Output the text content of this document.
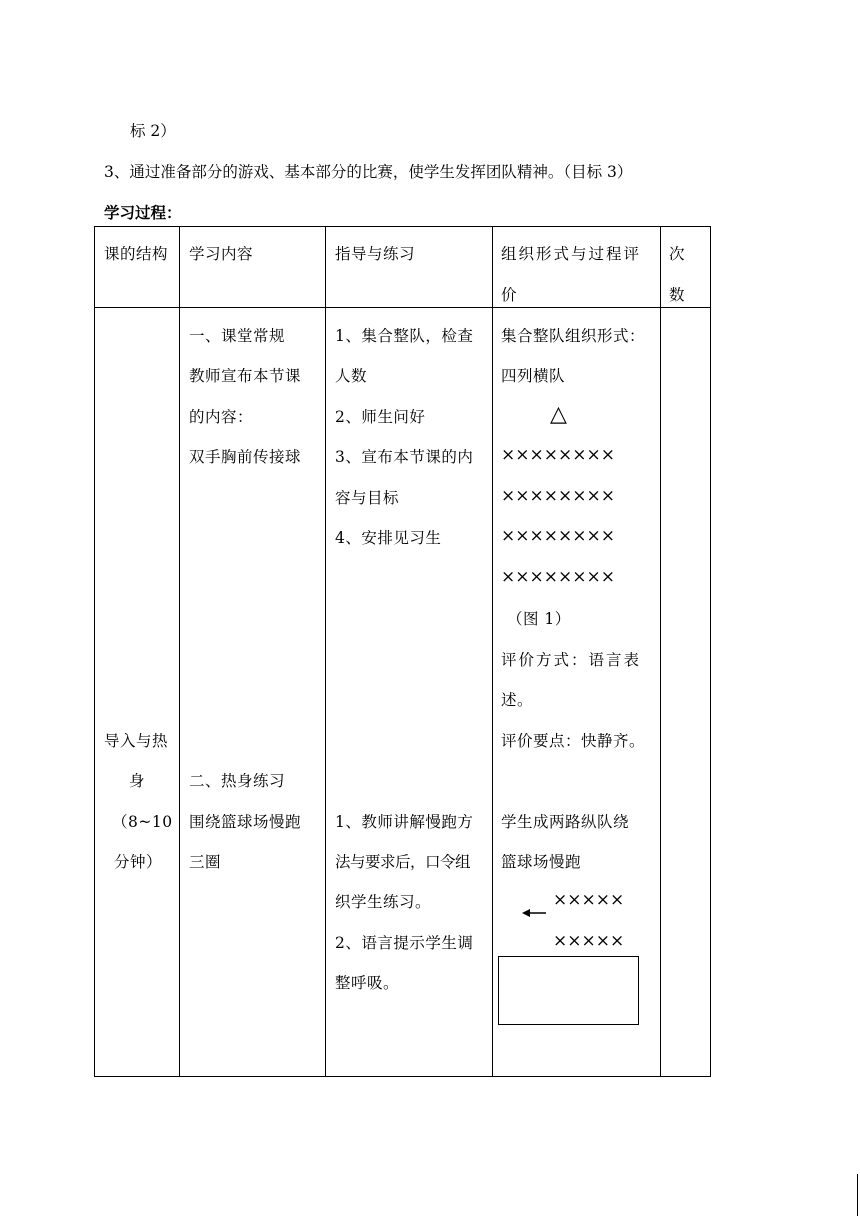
标 2）
3、通过准备部分的游戏、基本部分的比赛，使学生发挥团队精神。（目标 3）
学习过程：
课的结构 学习内容	指导与练习	组织形式与过程评
价
次
数
导入与热
身
（8~10
分钟）
一、课堂常规
教师宣布本节课
的内容：
双手胸前传接球
二、热身练习
围绕篮球场慢跑
三圈
1、集合整队，检查
人数
2、师生问好
3、宣布本节课的内
容与目标
4、安排见习生
1、教师讲解慢跑方
法与要求后，口令组
织学生练习。
2、语言提示学生调
整呼吸。
集合整队组织形式：
四列横队
△
××××××××
××××××××
××××××××
××××××××
（图 1）
评价方式：语言表
述。
评价要点：快静齐。
学生成两路纵队绕
篮球场慢跑
×××××
×××××
